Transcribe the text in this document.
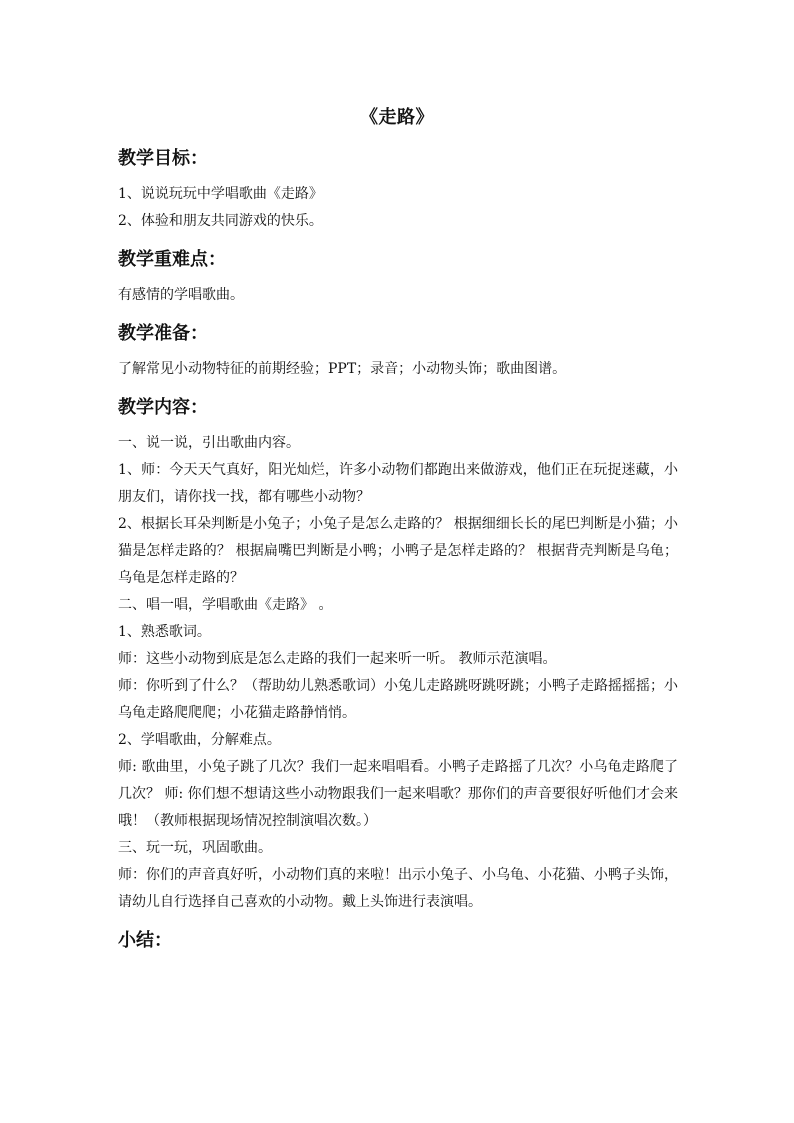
《走路》
教学目标：
1、说说玩玩中学唱歌曲《走路》
2、体验和朋友共同游戏的快乐。
教学重难点：
有感情的学唱歌曲。
教学准备：
了解常见小动物特征的前期经验；PPT；录音；小动物头饰；歌曲图谱。
教学内容：
一、说一说，引出歌曲内容。
1、师：今天天气真好，阳光灿烂，许多小动物们都跑出来做游戏，他们正在玩捉迷藏，小朋友们，请你找一找，都有哪些小动物？
2、根据长耳朵判断是小兔子；小兔子是怎么走路的？ 根据细细长长的尾巴判断是小猫；小猫是怎样走路的？ 根据扁嘴巴判断是小鸭；小鸭子是怎样走路的？ 根据背壳判断是乌龟；乌龟是怎样走路的？
二、唱一唱，学唱歌曲《走路》 。
1、熟悉歌词。
师：这些小动物到底是怎么走路的我们一起来听一听。 教师示范演唱。
师：你听到了什么？（帮助幼儿熟悉歌词）小兔儿走路跳呀跳呀跳；小鸭子走路摇摇摇；小乌龟走路爬爬爬；小花猫走路静悄悄。
2、学唱歌曲，分解难点。
师: 歌曲里，小兔子跳了几次？我们一起来唱唱看。小鸭子走路摇了几次？小乌龟走路爬了几次？ 师: 你们想不想请这些小动物跟我们一起来唱歌？那你们的声音要很好听他们才会来哦！（教师根据现场情况控制演唱次数。）
三、玩一玩，巩固歌曲。
师：你们的声音真好听，小动物们真的来啦！出示小兔子、小乌龟、小花猫、小鸭子头饰，请幼儿自行选择自己喜欢的小动物。戴上头饰进行表演唱。
小结：
